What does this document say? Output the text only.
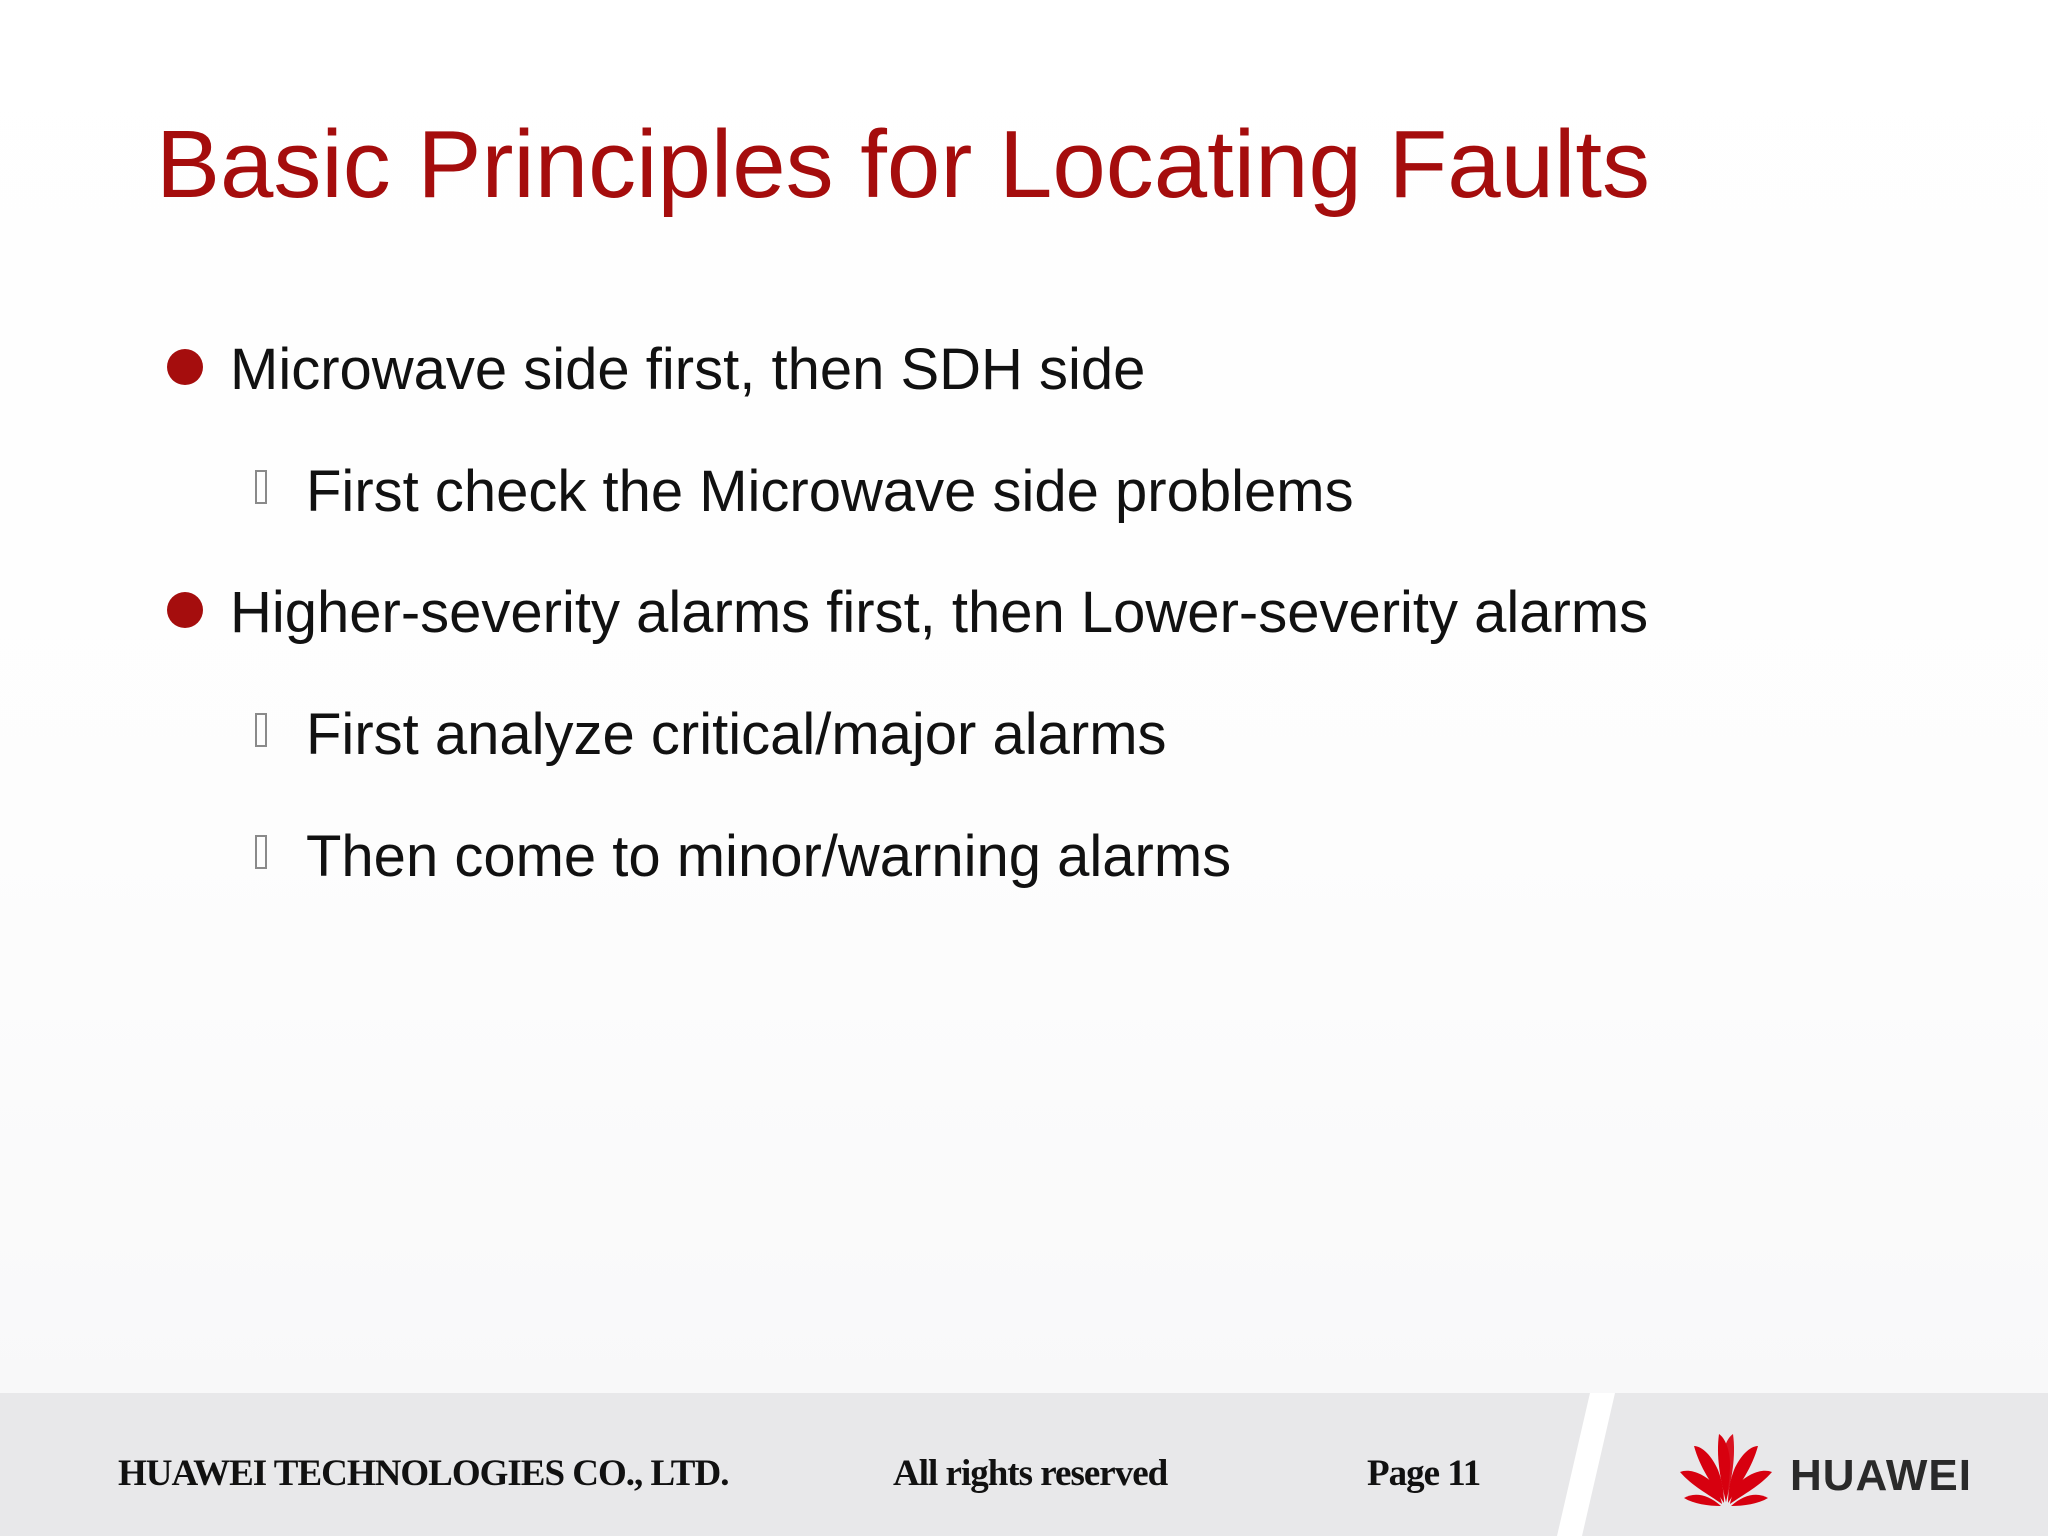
Basic Principles for Locating Faults
Microwave side first, then SDH side
First check the Microwave side problems
Higher-severity alarms first, then Lower-severity alarms
First analyze critical/major alarms
Then come to minor/warning alarms
HUAWEI TECHNOLOGIES CO., LTD.	All rights reserved	Page 11	HUAWEI
